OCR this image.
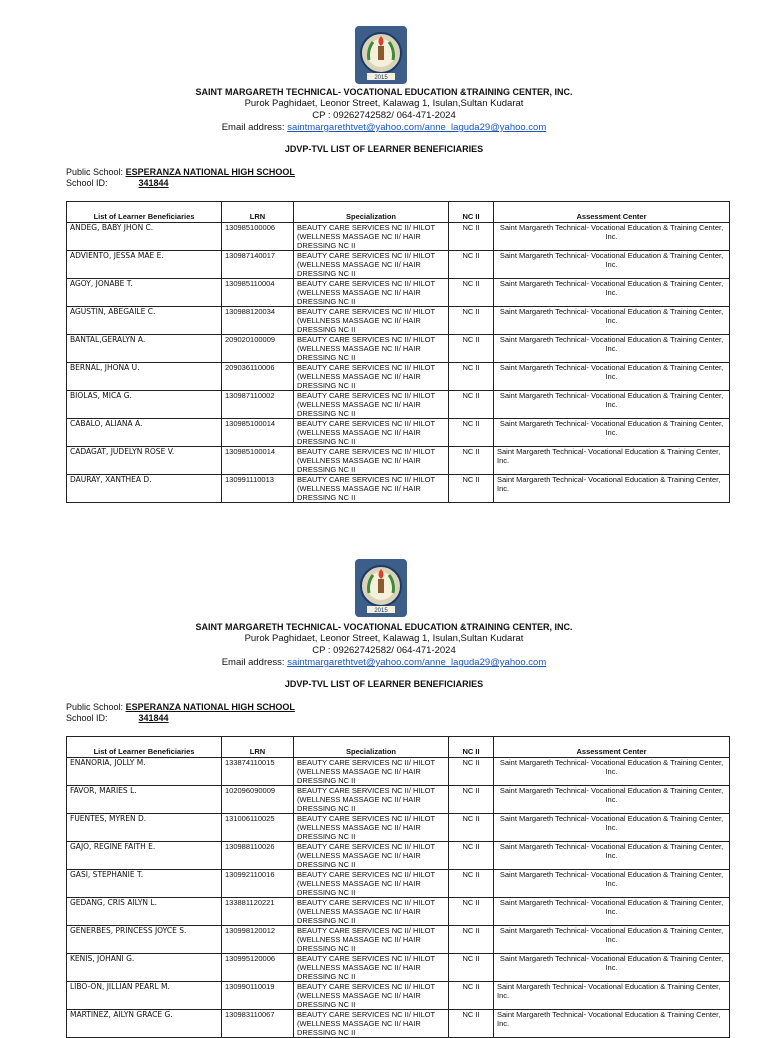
2015
SAINT MARGARETH TECHNICAL- VOCATIONAL EDUCATION &TRAINING CENTER, INC.
Purok Paghidaet, Leonor Street, Kalawag 1, Isulan,Sultan Kudarat
CP : 09262742582/ 064-471-2024
Email address: saintmargarethtvet@yahoo.com/anne_laguda29@yahoo.com
JDVP-TVL LIST OF LEARNER BENEFICIARIES
Public School: ESPERANZA NATIONAL HIGH SCHOOL
School ID:	341844
List of Learner Beneficiaries	LRN	Specialization	NC II	Assessment Center
ANDEG, BABY JHON C.	130985100006	BEAUTY CARE SERVICES NC II/ HILOT (WELLNESS MASSAGE NC II/ HAIR DRESSING NC II	NC II	Saint Margareth Technical- Vocational Education & Training Center, Inc.
ADVIENTO, JESSA MAE E.	130987140017	BEAUTY CARE SERVICES NC II/ HILOT (WELLNESS MASSAGE NC II/ HAIR DRESSING NC II	NC II	Saint Margareth Technical- Vocational Education & Training Center, Inc.
AGOY, JONABE T.	130985110004	BEAUTY CARE SERVICES NC II/ HILOT (WELLNESS MASSAGE NC II/ HAIR DRESSING NC II	NC II	Saint Margareth Technical- Vocational Education & Training Center, Inc.
AGUSTIN, ABEGAILE C.	130988120034	BEAUTY CARE SERVICES NC II/ HILOT (WELLNESS MASSAGE NC II/ HAIR DRESSING NC II	NC II	Saint Margareth Technical- Vocational Education & Training Center, Inc.
BANTAL,GERALYN A.	209020100009	BEAUTY CARE SERVICES NC II/ HILOT (WELLNESS MASSAGE NC II/ HAIR DRESSING NC II	NC II	Saint Margareth Technical- Vocational Education & Training Center, Inc.
BERNAL, JHONA U.	209036110006	BEAUTY CARE SERVICES NC II/ HILOT (WELLNESS MASSAGE NC II/ HAIR DRESSING NC II	NC II	Saint Margareth Technical- Vocational Education & Training Center, Inc.
BIOLAS, MICA G.	130987110002	BEAUTY CARE SERVICES NC II/ HILOT (WELLNESS MASSAGE NC II/ HAIR DRESSING NC II	NC II	Saint Margareth Technical- Vocational Education & Training Center, Inc.
CABALO, ALIANA A.	130985100014	BEAUTY CARE SERVICES NC II/ HILOT (WELLNESS MASSAGE NC II/ HAIR DRESSING NC II	NC II	Saint Margareth Technical- Vocational Education & Training Center, Inc.
CADAGAT, JUDELYN ROSE V.	130985100014	BEAUTY CARE SERVICES NC II/ HILOT (WELLNESS MASSAGE NC II/ HAIR DRESSING NC II	NC II	Saint Margareth Technical- Vocational Education & Training Center, Inc.
DAURAY, XANTHEA D.	130991110013	BEAUTY CARE SERVICES NC II/ HILOT (WELLNESS MASSAGE NC II/ HAIR DRESSING NC II	NC II	Saint Margareth Technical- Vocational Education & Training Center, Inc.
2015
SAINT MARGARETH TECHNICAL- VOCATIONAL EDUCATION &TRAINING CENTER, INC.
Purok Paghidaet, Leonor Street, Kalawag 1, Isulan,Sultan Kudarat
CP : 09262742582/ 064-471-2024
Email address: saintmargarethtvet@yahoo.com/anne_laguda29@yahoo.com
JDVP-TVL LIST OF LEARNER BENEFICIARIES
Public School: ESPERANZA NATIONAL HIGH SCHOOL
School ID:	341844
List of Learner Beneficiaries	LRN	Specialization	NC II	Assessment Center
ENANORIA, JOLLY M.	133874110015	BEAUTY CARE SERVICES NC II/ HILOT (WELLNESS MASSAGE NC II/ HAIR DRESSING NC II	NC II	Saint Margareth Technical- Vocational Education & Training Center, Inc.
FAVOR, MARIES L.	102096090009	BEAUTY CARE SERVICES NC II/ HILOT (WELLNESS MASSAGE NC II/ HAIR DRESSING NC II	NC II	Saint Margareth Technical- Vocational Education & Training Center, Inc.
FUENTES, MYREN D.	131006110025	BEAUTY CARE SERVICES NC II/ HILOT (WELLNESS MASSAGE NC II/ HAIR DRESSING NC II	NC II	Saint Margareth Technical- Vocational Education & Training Center, Inc.
GAJO, REGINE FAITH E.	130988110026	BEAUTY CARE SERVICES NC II/ HILOT (WELLNESS MASSAGE NC II/ HAIR DRESSING NC II	NC II	Saint Margareth Technical- Vocational Education & Training Center, Inc.
GASI, STEPHANIE T.	130992110016	BEAUTY CARE SERVICES NC II/ HILOT (WELLNESS MASSAGE NC II/ HAIR DRESSING NC II	NC II	Saint Margareth Technical- Vocational Education & Training Center, Inc.
GEDANG, CRIS AILYN L.	133881120221	BEAUTY CARE SERVICES NC II/ HILOT (WELLNESS MASSAGE NC II/ HAIR DRESSING NC II	NC II	Saint Margareth Technical- Vocational Education & Training Center, Inc.
GENERBES, PRINCESS JOYCE S.	130998120012	BEAUTY CARE SERVICES NC II/ HILOT (WELLNESS MASSAGE NC II/ HAIR DRESSING NC II	NC II	Saint Margareth Technical- Vocational Education & Training Center, Inc.
KENIS, JOHANI G.	130995120006	BEAUTY CARE SERVICES NC II/ HILOT (WELLNESS MASSAGE NC II/ HAIR DRESSING NC II	NC II	Saint Margareth Technical- Vocational Education & Training Center, Inc.
LIBO-ON, JILLIAN PEARL M.	130990110019	BEAUTY CARE SERVICES NC II/ HILOT (WELLNESS MASSAGE NC II/ HAIR DRESSING NC II	NC II	Saint Margareth Technical- Vocational Education & Training Center, Inc.
MARTINEZ, AILYN GRACE G.	130983110067	BEAUTY CARE SERVICES NC II/ HILOT (WELLNESS MASSAGE NC II/ HAIR DRESSING NC II	NC II	Saint Margareth Technical- Vocational Education & Training Center, Inc.
